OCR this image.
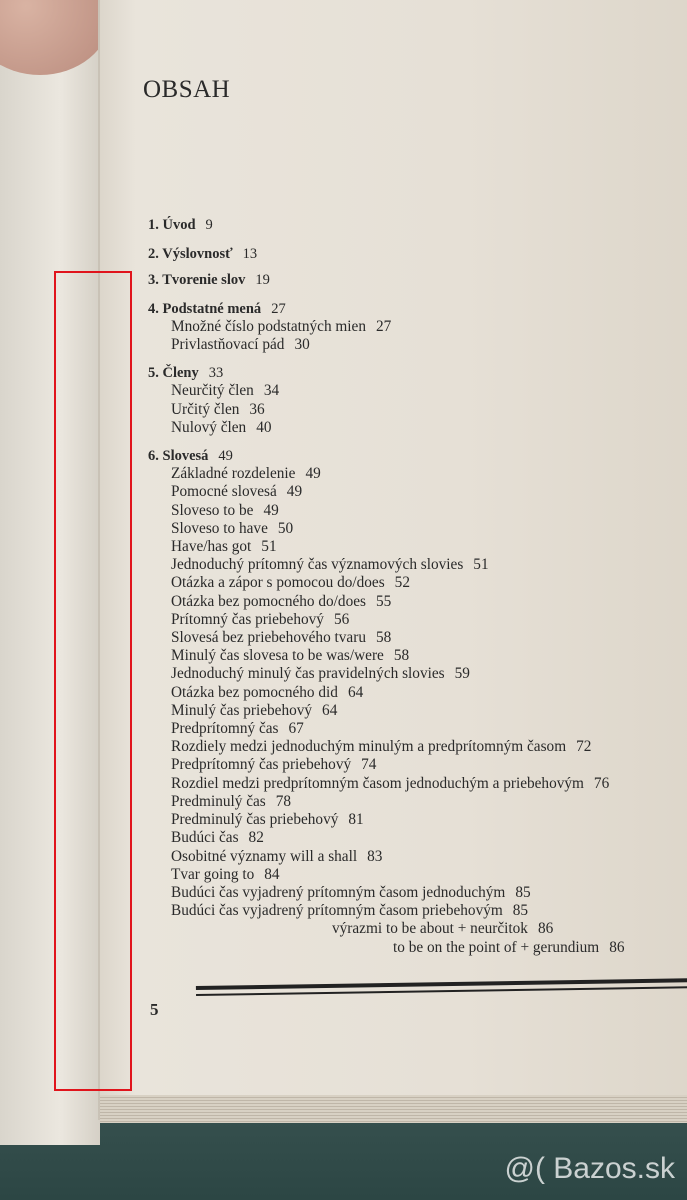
OBSAH
1. Úvod 9
2. Výslovnosť 13
3. Tvorenie slov 19
4. Podstatné mená 27
Množné číslo podstatných mien 27
Privlastňovací pád 30
5. Členy 33
Neurčitý člen 34
Určitý člen 36
Nulový člen 40
6. Slovesá 49
Základné rozdelenie 49
Pomocné slovesá 49
Sloveso to be 49
Sloveso to have 50
Have/has got 51
Jednoduchý prítomný čas významových slovies 51
Otázka a zápor s pomocou do/does 52
Otázka bez pomocného do/does 55
Prítomný čas priebehový 56
Slovesá bez priebehového tvaru 58
Minulý čas slovesa to be was/were 58
Jednoduchý minulý čas pravidelných slovies 59
Otázka bez pomocného did 64
Minulý čas priebehový 64
Predprítomný čas 67
Rozdiely medzi jednoduchým minulým a predprítomným časom 72
Predprítomný čas priebehový 74
Rozdiel medzi predprítomným časom jednoduchým a priebehovým 76
Predminulý čas 78
Predminulý čas priebehový 81
Budúci čas 82
Osobitné významy will a shall 83
Tvar going to 84
Budúci čas vyjadrený prítomným časom jednoduchým 85
Budúci čas vyjadrený prítomným časom priebehovým 85
výrazmi to be about + neurčitok 86
to be on the point of + gerundium 86
5
@( Bazos.sk
